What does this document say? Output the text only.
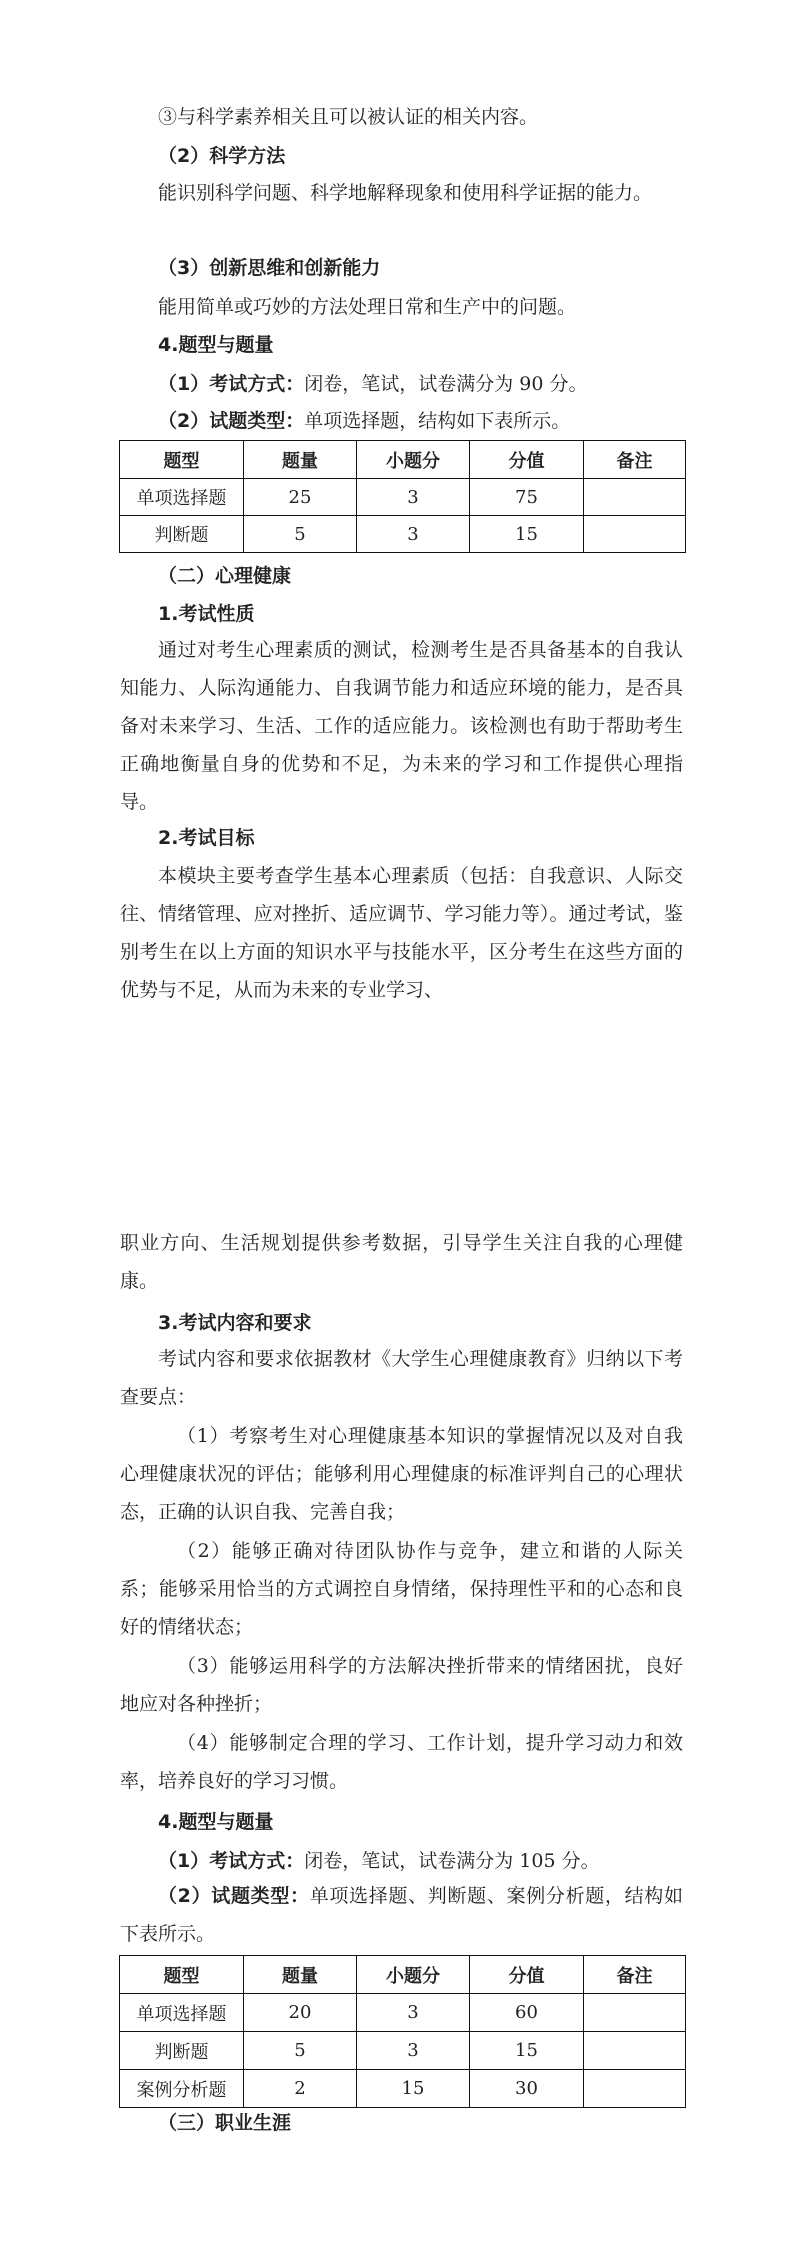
③与科学素养相关且可以被认证的相关内容。
（2）科学方法

能识别科学问题、科学地解释现象和使用科学证据的能力。

（3）创新思维和创新能力
能用简单或巧妙的方法处理日常和生产中的问题。
4.题型与题量
（1）考试方式：闭卷，笔试，试卷满分为 90 分。
（2）试题类型：单项选择题，结构如下表所示。
题型	题量	小题分	分值	备注
单项选择题	25	3	75	
判断题	5	3	15	
（二）心理健康
1.考试性质

通过对考生心理素质的测试，检测考生是否具备基本的自我认知能力、人际沟通能力、自我调节能力和适应环境的能力，是否具备对未来学习、生活、工作的适应能力。该检测也有助于帮助考生正确地衡量自身的优势和不足，为未来的学习和工作提供心理指导。

2.考试目标

本模块主要考查学生基本心理素质（包括：自我意识、人际交往、情绪管理、应对挫折、适应调节、学习能力等）。通过考试，鉴别考生在以上方面的知识水平与技能水平，区分考生在这些方面的优势与不足，从而为未来的专业学习、

职业方向、生活规划提供参考数据，引导学生关注自我的心理健康。

3.考试内容和要求

考试内容和要求依据教材《大学生心理健康教育》归纳以下考查要点：

（1）考察考生对心理健康基本知识的掌握情况以及对自我心理健康状况的评估；能够利用心理健康的标准评判自己的心理状态，正确的认识自我、完善自我；

（2）能够正确对待团队协作与竞争，建立和谐的人际关系；能够采用恰当的方式调控自身情绪，保持理性平和的心态和良好的情绪状态；

（3）能够运用科学的方法解决挫折带来的情绪困扰，良好地应对各种挫折；

（4）能够制定合理的学习、工作计划，提升学习动力和效率，培养良好的学习习惯。

4.题型与题量
（1）考试方式：闭卷，笔试，试卷满分为 105 分。

（2）试题类型：单项选择题、判断题、案例分析题，结构如下表所示。

题型	题量	小题分	分值	备注
单项选择题	20	3	60	
判断题	5	3	15	
案例分析题	2	15	30	
（三）职业生涯
